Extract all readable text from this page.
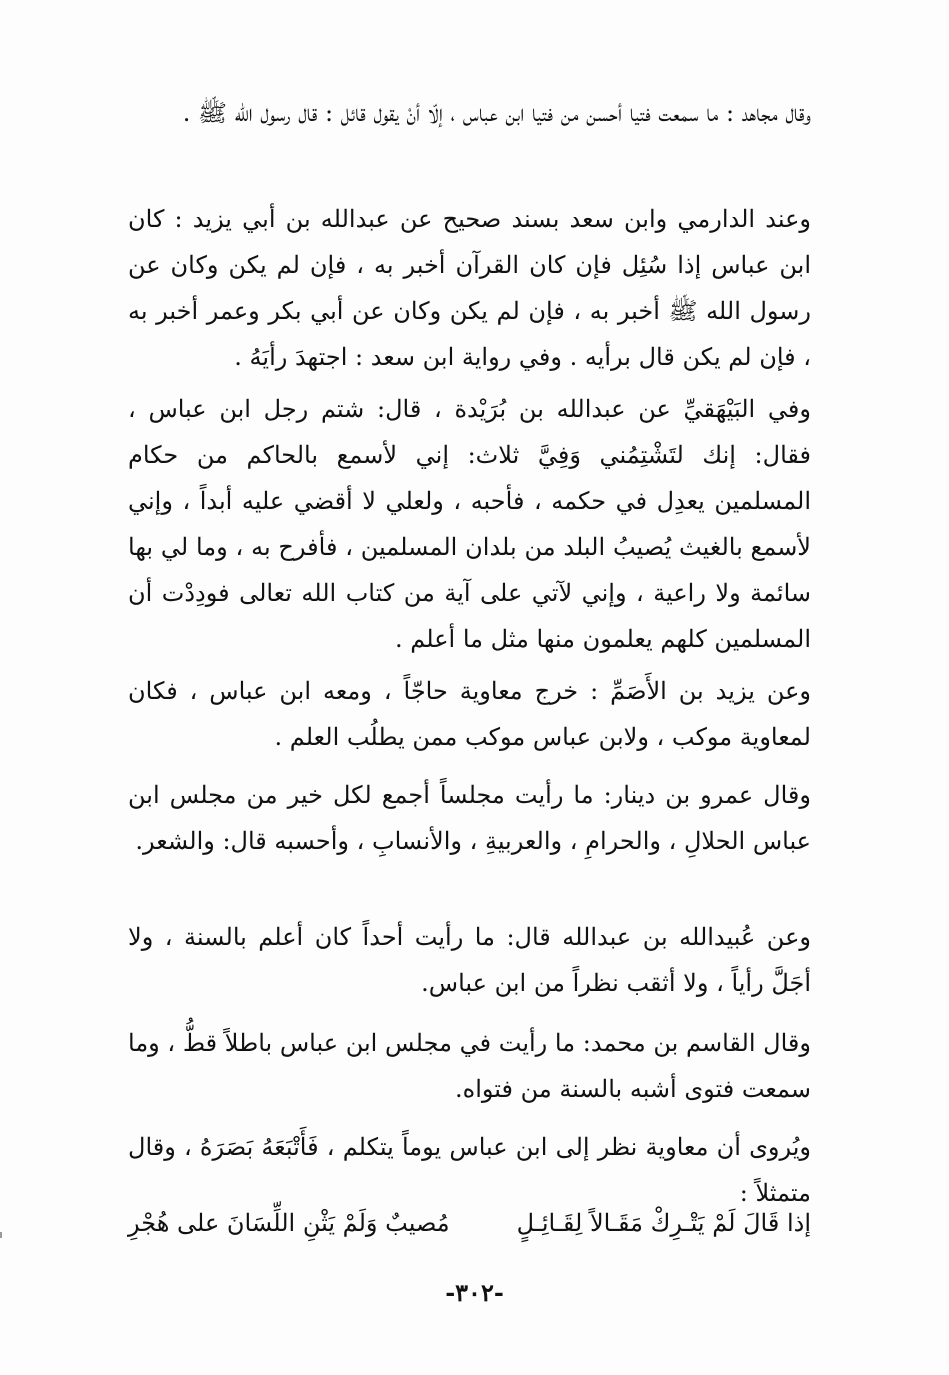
وقال مجاهد : ما سمعت فتيا أحسن من فتيا ابن عباس ، إلّا أنْ يقول قائل : قال رسول الله ﷺ .

وعند الدارمي وابن سعد بسند صحيح عن عبدالله بن أبي يزيد : كان ابن عباس إذا سُئِل فإن كان القرآن أخبر به ، فإن لم يكن وكان عن رسول الله ﷺ أخبر به ، فإن لم يكن وكان عن أبي بكر وعمر أخبر به ، فإن لم يكن قال برأيه . وفي رواية ابن سعد : اجتهدَ رأيَهُ .

وفي البَيْهَقيِّ عن عبدالله بن بُرَيْدة ، قال: شتم رجل ابن عباس ، فقال: إنك لتَشْتِمُني وَفِيَّ ثلاث: إني لأسمع بالحاكم من حكام المسلمين يعدِل في حكمه ، فأحبه ، ولعلي لا أقضي عليه أبداً ، وإني لأسمع بالغيث يُصيبُ البلد من بلدان المسلمين ، فأفرح به ، وما لي بها سائمة ولا راعية ، وإني لآتي على آية من كتاب الله تعالى فودِدْت أن المسلمين كلهم يعلمون منها مثل ما أعلم .

وعن يزيد بن الأَصَمِّ : خرج معاوية حاجّاً ، ومعه ابن عباس ، فكان لمعاوية موكب ، ولابن عباس موكب ممن يطلُب العلم .

وقال عمرو بن دينار: ما رأيت مجلساً أجمع لكل خير من مجلس ابن عباس الحلالِ ، والحرامِ ، والعربيةِ ، والأنسابِ ، وأحسبه قال: والشعر.

وعن عُبيدالله بن عبدالله قال: ما رأيت أحداً كان أعلم بالسنة ، ولا أجَلَّ رأياً ، ولا أثقب نظراً من ابن عباس.

وقال القاسم بن محمد: ما رأيت في مجلس ابن عباس باطلاً قطُّ ، وما سمعت فتوى أشبه بالسنة من فتواه.

ويُروى أن معاوية نظر إلى ابن عباس يوماً يتكلم ، فَأَتْبَعَهُ بَصَرَهُ ، وقال متمثلاً :

إذا قَالَ لَمْ يَتْـرِكْ مَقَـالاً لِقَـائِـلٍ
مُصيبٌ وَلَمْ يَثْنِ اللِّسَانَ على هُجْرِ
-٣٠٢-
